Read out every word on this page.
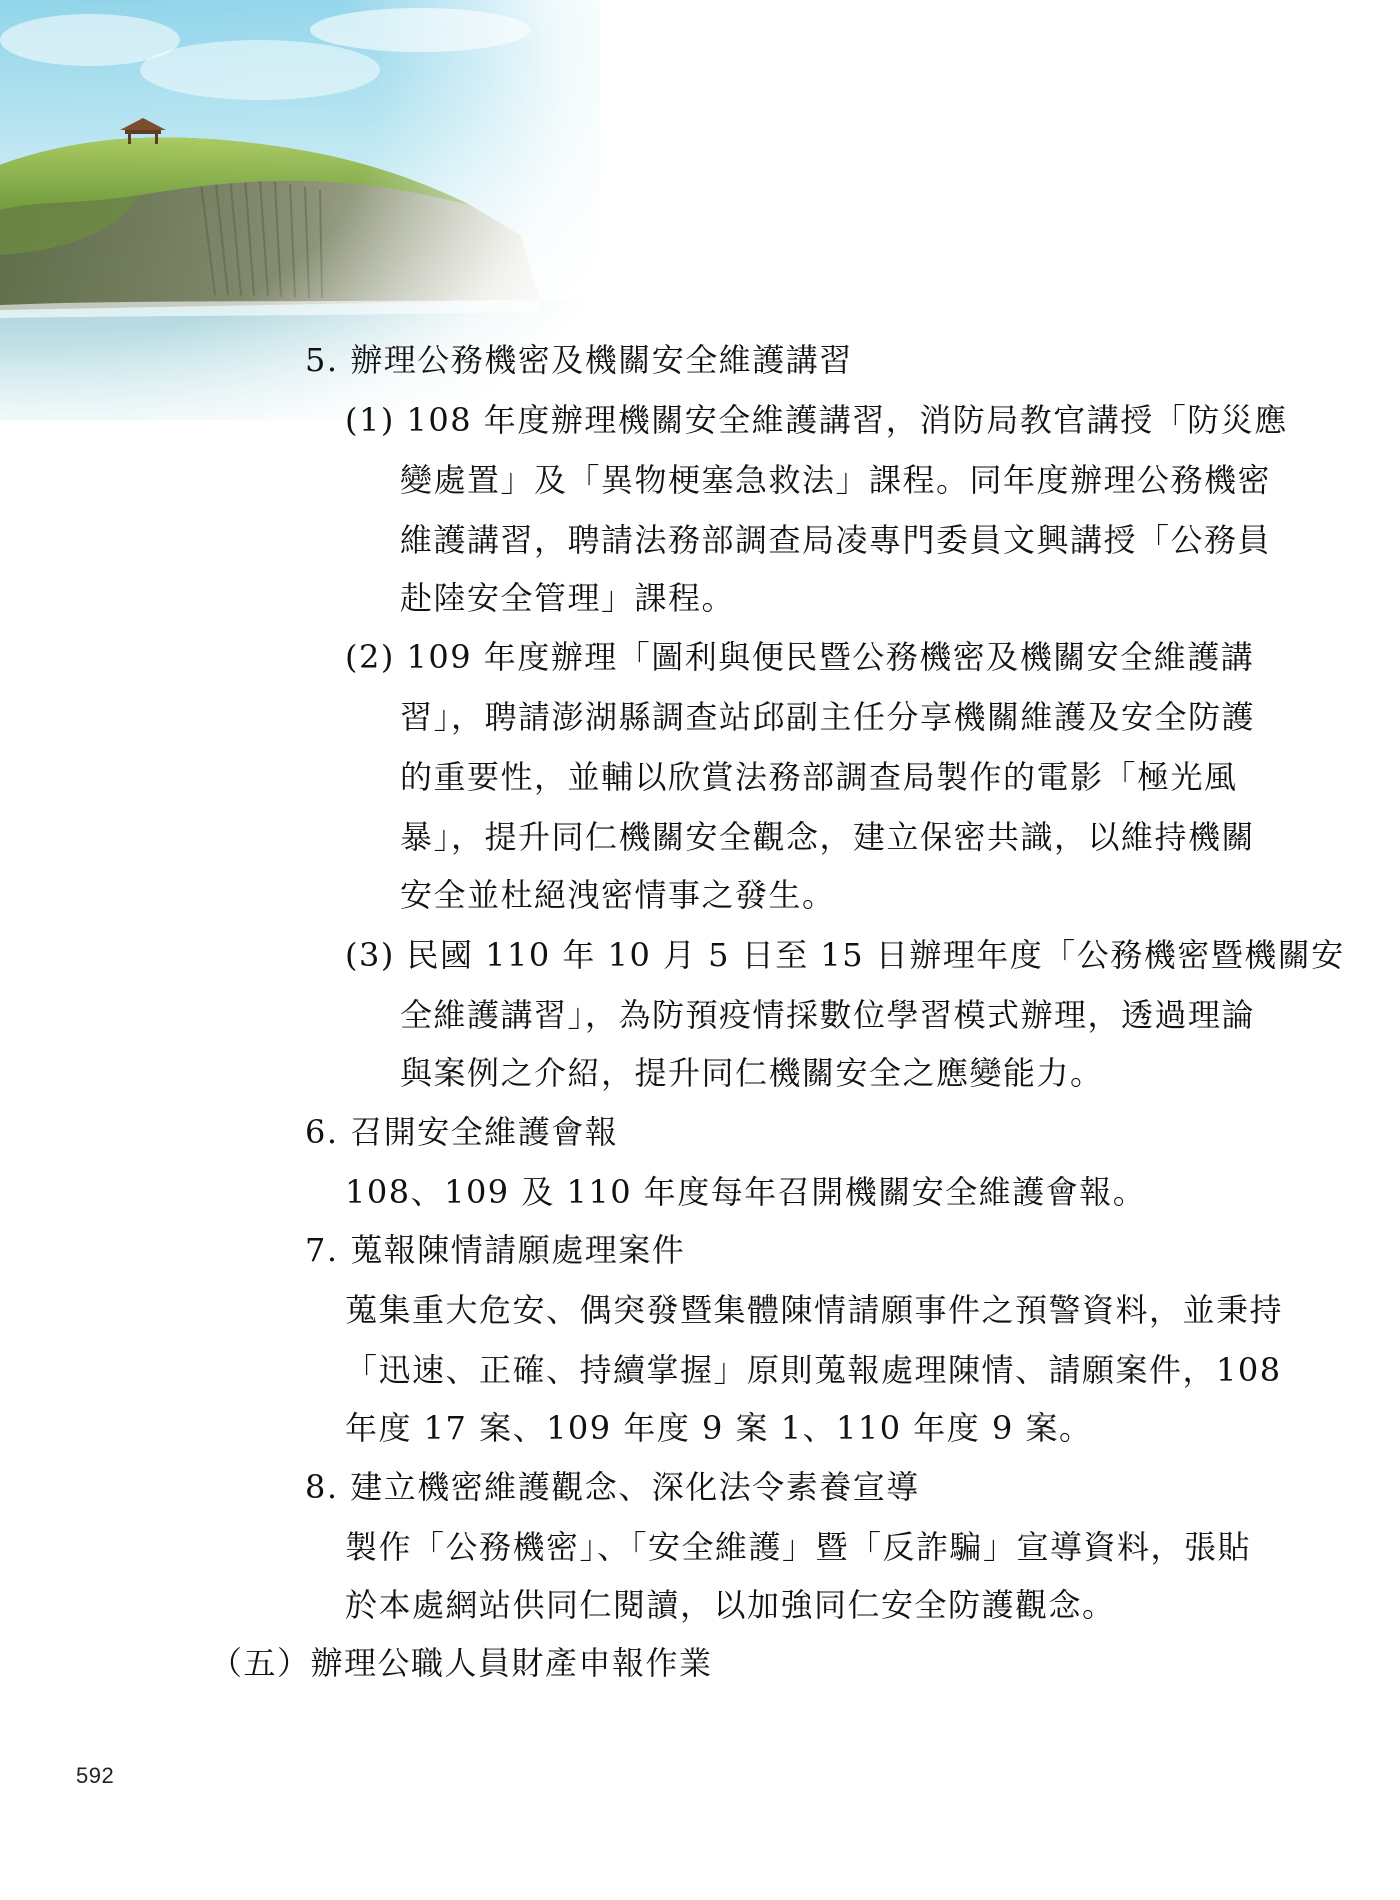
5. 辦理公務機密及機關安全維護講習
(1) 108 年度辦理機關安全維護講習，消防局教官講授「防災應
變處置」及「異物梗塞急救法」課程。同年度辦理公務機密
維護講習，聘請法務部調查局凌專門委員文興講授「公務員
赴陸安全管理」課程。
(2) 109 年度辦理「圖利與便民暨公務機密及機關安全維護講
習」，聘請澎湖縣調查站邱副主任分享機關維護及安全防護
的重要性，並輔以欣賞法務部調查局製作的電影「極光風
暴」，提升同仁機關安全觀念，建立保密共識，以維持機關
安全並杜絕洩密情事之發生。
(3) 民國 110 年 10 月 5 日至 15 日辦理年度「公務機密暨機關安
全維護講習」，為防預疫情採數位學習模式辦理，透過理論
與案例之介紹，提升同仁機關安全之應變能力。
6. 召開安全維護會報
108、109 及 110 年度每年召開機關安全維護會報。
7. 蒐報陳情請願處理案件
蒐集重大危安、偶突發暨集體陳情請願事件之預警資料，並秉持
「迅速、正確、持續掌握」原則蒐報處理陳情、請願案件，108
年度 17 案、109 年度 9 案 1、110 年度 9 案。
8. 建立機密維護觀念、深化法令素養宣導
製作「公務機密」、「安全維護」暨「反詐騙」宣導資料，張貼
於本處網站供同仁閱讀，以加強同仁安全防護觀念。
（五）辦理公職人員財產申報作業
592
